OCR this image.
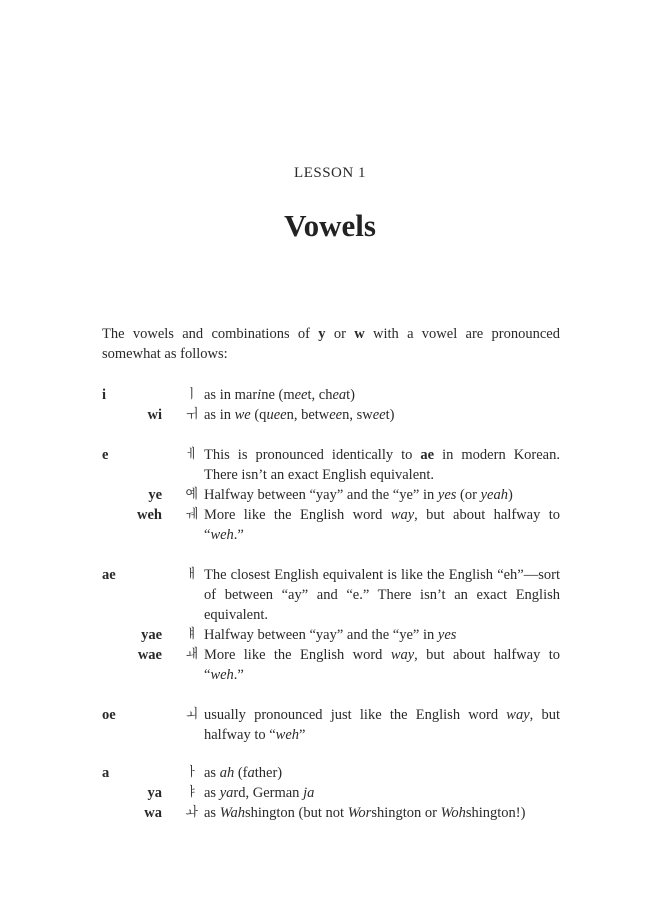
LESSON 1
Vowels
The vowels and combinations of y or w with a vowel are pronounced somewhat as follows:
i	ㅣ as in marine (meet, cheat)
wi	ㅟ as in we (queen, between, sweet)
e	ㅔ This is pronounced identically to ae in modern Korean. There isn’t an exact English equivalent.
ye	예 Halfway between “yay” and the “ye” in yes (or yeah)
weh	ㅞ More like the English word way, but about halfway to “weh.”
ae	ㅐ The closest English equivalent is like the English “eh”—sort of between “ay” and “e.” There isn’t an exact English equivalent.
yae	ㅒ Halfway between “yay” and the “ye” in yes
wae	ㅙ More like the English word way, but about halfway to “weh.”
oe	ㅚ usually pronounced just like the English word way, but halfway to “weh”
a	ㅏ as ah (father)
ya	ㅑ as yard, German ja
wa	ㅘ as Wahshington (but not Worshington or Wohshington!)
